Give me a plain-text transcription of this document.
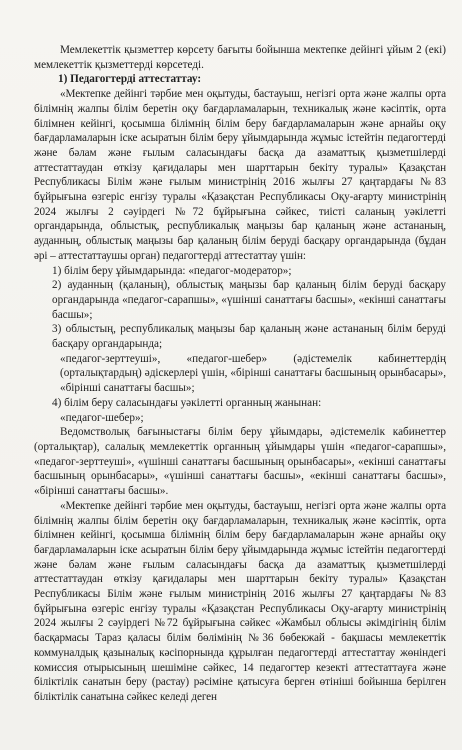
Мемлекеттік қызметтер көрсету бағыты бойынша мектепке дейінгі ұйым 2 (екі) мемлекеттік қызметтерді көрсетеді.

1) Педагогтерді аттестаттау:

«Мектепке дейінгі тәрбие мен оқытуды, бастауыш, негізгі орта және жалпы орта білімнің жалпы білім беретін оқу бағдарламаларын, техникалық және кәсіптік, орта білімнен кейінгі, қосымша білімнің білім беру бағдарламаларын және арнайы оқу бағдарламаларын іске асыратын білім беру ұйымдарында жұмыс істейтін педагогтерді және бәлам және ғылым саласындағы басқа да азаматтық қызметшілерді аттестаттаудан өткізу қағидалары мен шарттарын бекіту туралы» Қазақстан Республикасы Білім және ғылым министрінің 2016 жылғы 27 қаңтардағы №83 бұйрығына өзгеріс енгізу туралы «Қазақстан Республикасы Оқу-ағарту министрінің 2024 жылғы 2 сәуірдегі №72 бұйрығына сәйкес, тиісті саланың уәкілетті органдарында, облыстық, республикалық маңызы бар қаланың және астананың, ауданның, облыстық маңызы бар қаланың білім беруді басқару органдарында (бұдан әрі – аттестаттаушы орган) педагогтерді аттестаттау үшін:

1) білім беру ұйымдарында: «педагог-модератор»;

2) ауданның (қаланың), облыстық маңызы бар қаланың білім беруді басқару органдарында «педагог-сарапшы», «үшінші санаттағы басшы», «екінші санаттағы басшы»;

3) облыстың, республикалық маңызы бар қаланың және астананың білім беруді басқару органдарында;

«педагог-зерттеуші», «педагог-шебер» (әдістемелік кабинеттердің (орталықтардың) әдіскерлері үшін, «бірінші санаттағы басшының орынбасары», «бірінші санаттағы басшы»;

4) білім беру саласындағы уәкілетті органның жанынан:

«педагог-шебер»;

Ведомстволық бағыныстағы білім беру ұйымдары, әдістемелік кабинеттер (орталықтар), салалық мемлекеттік органның ұйымдары үшін «педагог-сарапшы», «педагог-зерттеуші», «үшінші санаттағы басшының орынбасары», «екінші санаттағы басшының орынбасары», «үшінші санаттағы басшы», «екінші санаттағы басшы», «бірінші санаттағы басшы».

«Мектепке дейінгі тәрбие мен оқытуды, бастауыш, негізгі орта және жалпы орта білімнің жалпы білім беретін оқу бағдарламаларын, техникалық және кәсіптік, орта білімнен кейінгі, қосымша білімнің білім беру бағдарламаларын және арнайы оқу бағдарламаларын іске асыратын білім беру ұйымдарында жұмыс істейтін педагогтерді және бәлам және ғылым саласындағы басқа да азаматтық қызметшілерді аттестаттаудан өткізу қағидалары мен шарттарын бекіту туралы» Қазақстан Республикасы Білім және ғылым министрінің 2016 жылғы 27 қаңтардағы №83 бұйрығына өзгеріс енгізу туралы «Қазақстан Республикасы Оқу-ағарту министрінің 2024 жылғы 2 сәуірдегі №72 бұйрығына сәйкес «Жамбыл облысы әкімдігінің білім басқармасы Тараз қаласы білім бөлімінің №36 бөбекжай - бақшасы мемлекеттік коммуналдық қазыналық кәсіпорнында құрылған педагогтерді аттестаттау жөніндегі комиссия отырысының шешіміне сәйкес, 14 педагогтер кезекті аттестаттауға және біліктілік санатын беру (растау) рәсіміне қатысуға берген өтініші бойынша берілген біліктілік санатына сәйкес келеді деген
